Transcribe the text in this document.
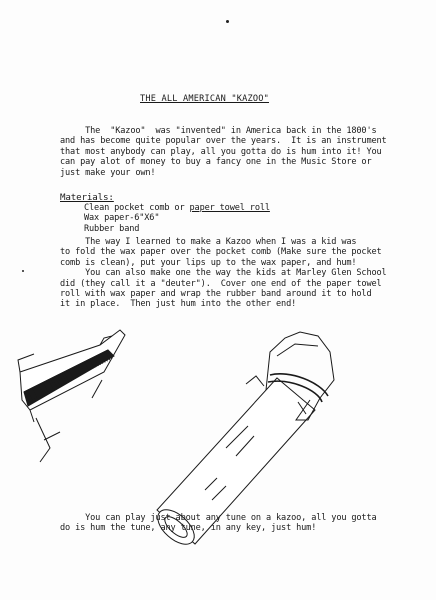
THE ALL AMERICAN "KAZOO"
The  "Kazoo"  was "invented" in America back in the 1800's
and has become quite popular over the years.  It is an instrument
that most anybody can play, all you gotta do is hum into it! You
can pay alot of money to buy a fancy one in the Music Store or
just make your own!
Materials:
Clean pocket comb or paper towel roll
Wax paper-6"X6"
Rubber band
The way I learned to make a Kazoo when I was a kid was
to fold the wax paper over the pocket comb (Make sure the pocket
comb is clean), put your lips up to the wax paper, and hum!
You can also make one the way the kids at Marley Glen School
did (they call it a "deuter").  Cover one end of the paper towel
roll with wax paper and wrap the rubber band around it to hold
it in place.  Then just hum into the other end!
You can play just about any tune on a kazoo, all you gotta
do is hum the tune, any tune, in any key, just hum!
